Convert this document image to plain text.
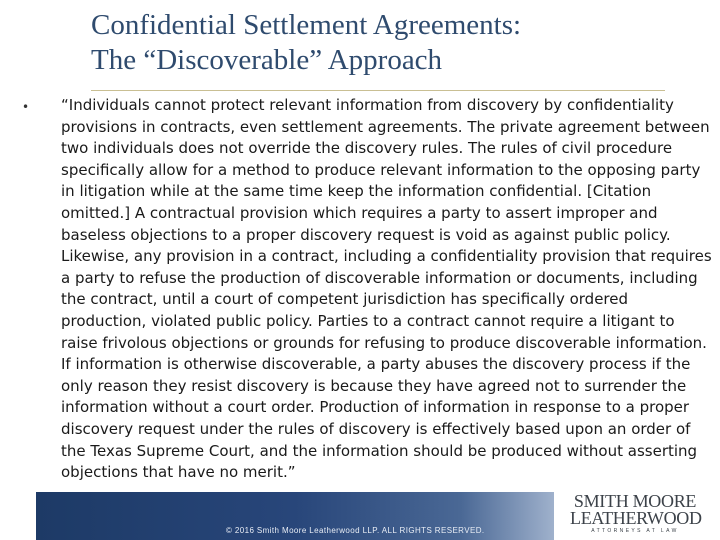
Confidential Settlement Agreements:
The “Discoverable” Approach
• “Individuals cannot protect relevant information from discovery by confidentiality
provisions in contracts, even settlement agreements. The private agreement between
two individuals does not override the discovery rules. The rules of civil procedure
specifically allow for a method to produce relevant information to the opposing party
in litigation while at the same time keep the information confidential. [Citation
omitted.] A contractual provision which requires a party to assert improper and
baseless objections to a proper discovery request is void as against public policy.
Likewise, any provision in a contract, including a confidentiality provision that requires
a party to refuse the production of discoverable information or documents, including
the contract, until a court of competent jurisdiction has specifically ordered
production, violated public policy. Parties to a contract cannot require a litigant to
raise frivolous objections or grounds for refusing to produce discoverable information.
If information is otherwise discoverable, a party abuses the discovery process if the
only reason they resist discovery is because they have agreed not to surrender the
information without a court order. Production of information in response to a proper
discovery request under the rules of discovery is effectively based upon an order of
the Texas Supreme Court, and the information should be produced without asserting
objections that have no merit.”

© 2016 Smith Moore Leatherwood LLP. ALL RIGHTS RESERVED.
SMITH MOORE
LEATHERWOOD
ATTORNEYS AT LAW
